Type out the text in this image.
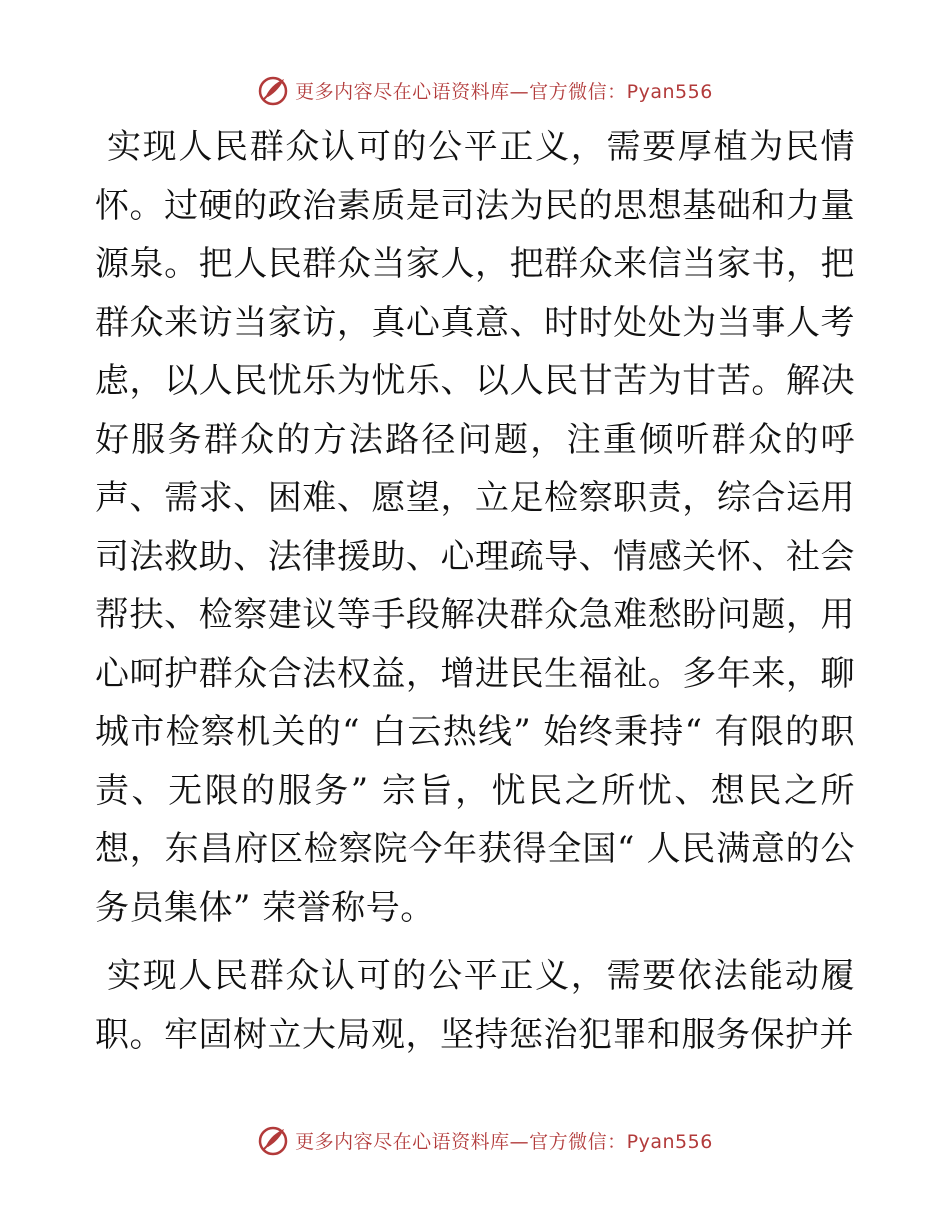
更多内容尽在心语资料库—官方微信：Pyan556

实现人民群众认可的公平正义，需要厚植为民情怀。过硬的政治素质是司法为民的思想基础和力量源泉。把人民群众当家人，把群众来信当家书，把群众来访当家访，真心真意、时时处处为当事人考虑，以人民忧乐为忧乐、以人民甘苦为甘苦。解决好服务群众的方法路径问题，注重倾听群众的呼声、需求、困难、愿望，立足检察职责，综合运用司法救助、法律援助、心理疏导、情感关怀、社会帮扶、检察建议等手段解决群众急难愁盼问题，用心呵护群众合法权益，增进民生福祉。多年来，聊城市检察机关的“ 白云热线” 始终秉持“ 有限的职责、无限的服务” 宗旨，忧民之所忧、想民之所想，东昌府区检察院今年获得全国“ 人民满意的公务员集体” 荣誉称号。

实现人民群众认可的公平正义，需要依法能动履职。牢固树立大局观，坚持惩治犯罪和服务保护并

更多内容尽在心语资料库—官方微信：Pyan556
